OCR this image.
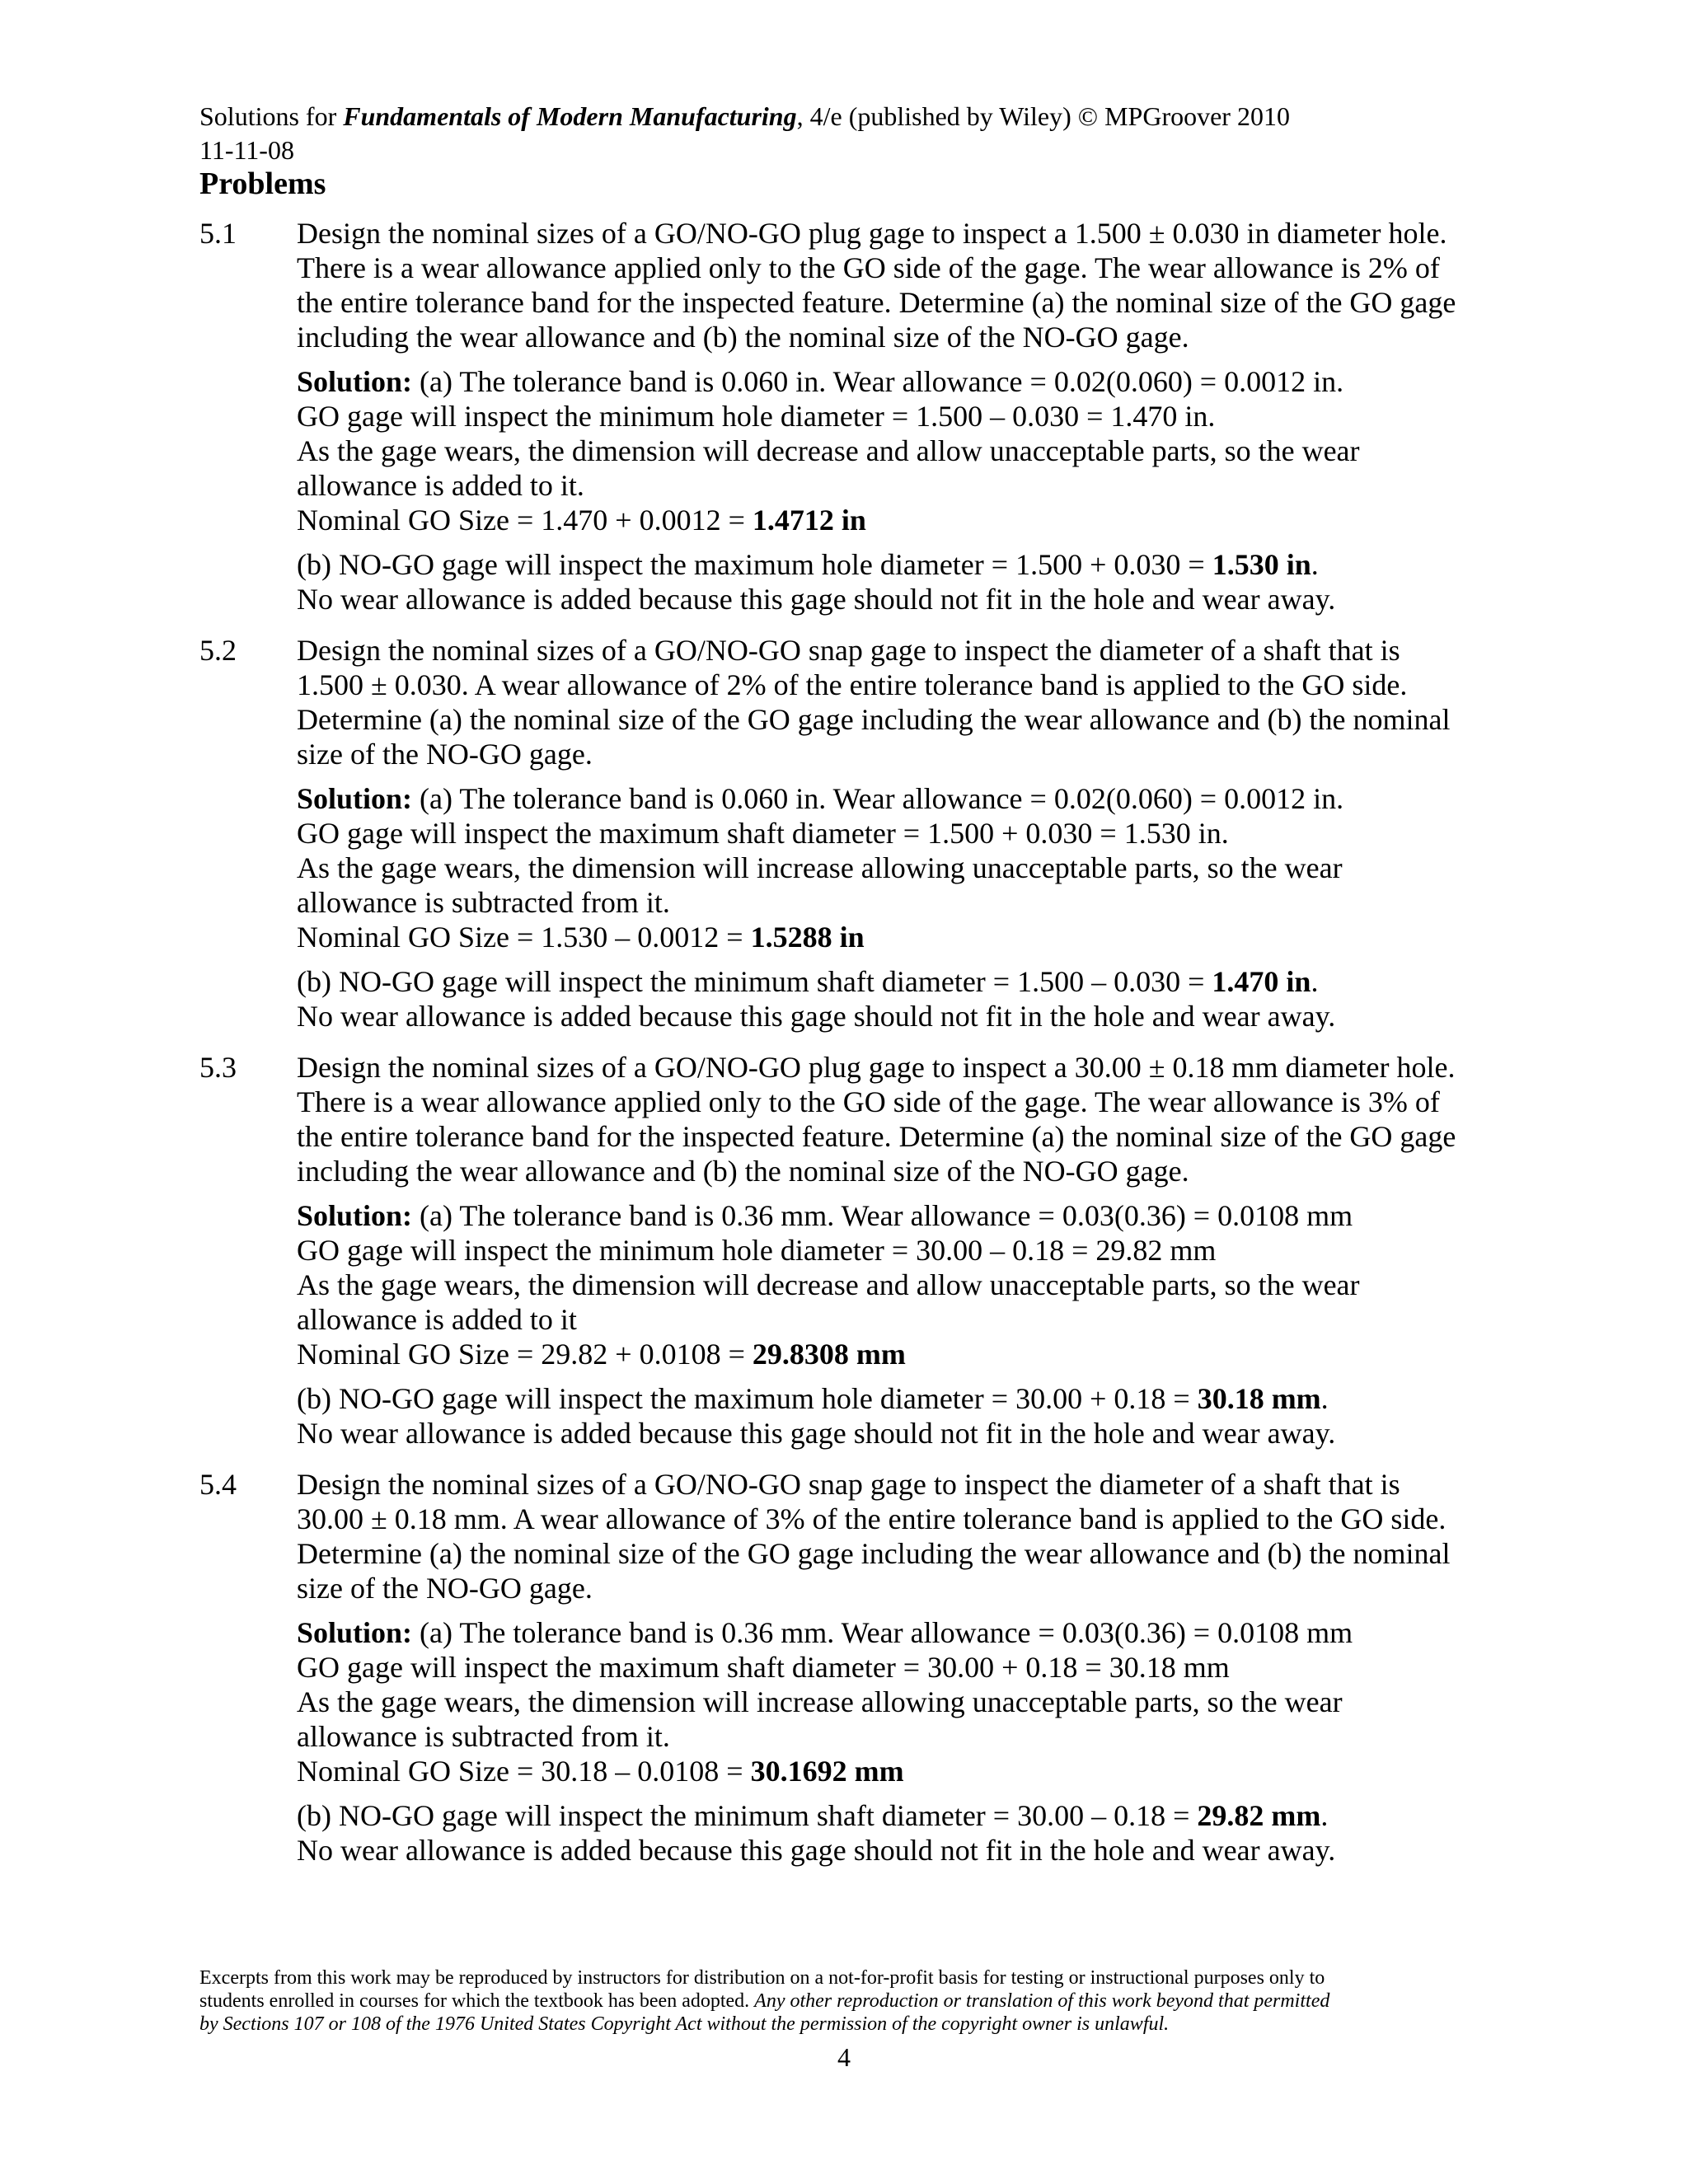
Solutions for Fundamentals of Modern Manufacturing, 4/e (published by Wiley) © MPGroover 2010
11-11-08
Problems
5.1	Design the nominal sizes of a GO/NO-GO plug gage to inspect a 1.500 ± 0.030 in diameter hole.
There is a wear allowance applied only to the GO side of the gage. The wear allowance is 2% of
the entire tolerance band for the inspected feature. Determine (a) the nominal size of the GO gage
including the wear allowance and (b) the nominal size of the NO-GO gage.
Solution: (a) The tolerance band is 0.060 in. Wear allowance = 0.02(0.060) = 0.0012 in.
GO gage will inspect the minimum hole diameter = 1.500 – 0.030 = 1.470 in.
As the gage wears, the dimension will decrease and allow unacceptable parts, so the wear
allowance is added to it.
Nominal GO Size = 1.470 + 0.0012 = 1.4712 in
(b) NO-GO gage will inspect the maximum hole diameter = 1.500 + 0.030 = 1.530 in.
No wear allowance is added because this gage should not fit in the hole and wear away.
5.2	Design the nominal sizes of a GO/NO-GO snap gage to inspect the diameter of a shaft that is
1.500 ± 0.030. A wear allowance of 2% of the entire tolerance band is applied to the GO side.
Determine (a) the nominal size of the GO gage including the wear allowance and (b) the nominal
size of the NO-GO gage.
Solution: (a) The tolerance band is 0.060 in. Wear allowance = 0.02(0.060) = 0.0012 in.
GO gage will inspect the maximum shaft diameter = 1.500 + 0.030 = 1.530 in.
As the gage wears, the dimension will increase allowing unacceptable parts, so the wear
allowance is subtracted from it.
Nominal GO Size = 1.530 – 0.0012 = 1.5288 in
(b) NO-GO gage will inspect the minimum shaft diameter = 1.500 – 0.030 = 1.470 in.
No wear allowance is added because this gage should not fit in the hole and wear away.
5.3	Design the nominal sizes of a GO/NO-GO plug gage to inspect a 30.00 ± 0.18 mm diameter hole.
There is a wear allowance applied only to the GO side of the gage. The wear allowance is 3% of
the entire tolerance band for the inspected feature. Determine (a) the nominal size of the GO gage
including the wear allowance and (b) the nominal size of the NO-GO gage.
Solution: (a) The tolerance band is 0.36 mm. Wear allowance = 0.03(0.36) = 0.0108 mm
GO gage will inspect the minimum hole diameter = 30.00 – 0.18 = 29.82 mm
As the gage wears, the dimension will decrease and allow unacceptable parts, so the wear
allowance is added to it
Nominal GO Size = 29.82 + 0.0108 = 29.8308 mm
(b) NO-GO gage will inspect the maximum hole diameter = 30.00 + 0.18 = 30.18 mm.
No wear allowance is added because this gage should not fit in the hole and wear away.
5.4	Design the nominal sizes of a GO/NO-GO snap gage to inspect the diameter of a shaft that is
30.00 ± 0.18 mm. A wear allowance of 3% of the entire tolerance band is applied to the GO side.
Determine (a) the nominal size of the GO gage including the wear allowance and (b) the nominal
size of the NO-GO gage.
Solution: (a) The tolerance band is 0.36 mm. Wear allowance = 0.03(0.36) = 0.0108 mm
GO gage will inspect the maximum shaft diameter = 30.00 + 0.18 = 30.18 mm
As the gage wears, the dimension will increase allowing unacceptable parts, so the wear
allowance is subtracted from it.
Nominal GO Size = 30.18 – 0.0108 = 30.1692 mm
(b) NO-GO gage will inspect the minimum shaft diameter = 30.00 – 0.18 = 29.82 mm.
No wear allowance is added because this gage should not fit in the hole and wear away.
Excerpts from this work may be reproduced by instructors for distribution on a not-for-profit basis for testing or instructional purposes only to
students enrolled in courses for which the textbook has been adopted. Any other reproduction or translation of this work beyond that permitted
by Sections 107 or 108 of the 1976 United States Copyright Act without the permission of the copyright owner is unlawful.
4
